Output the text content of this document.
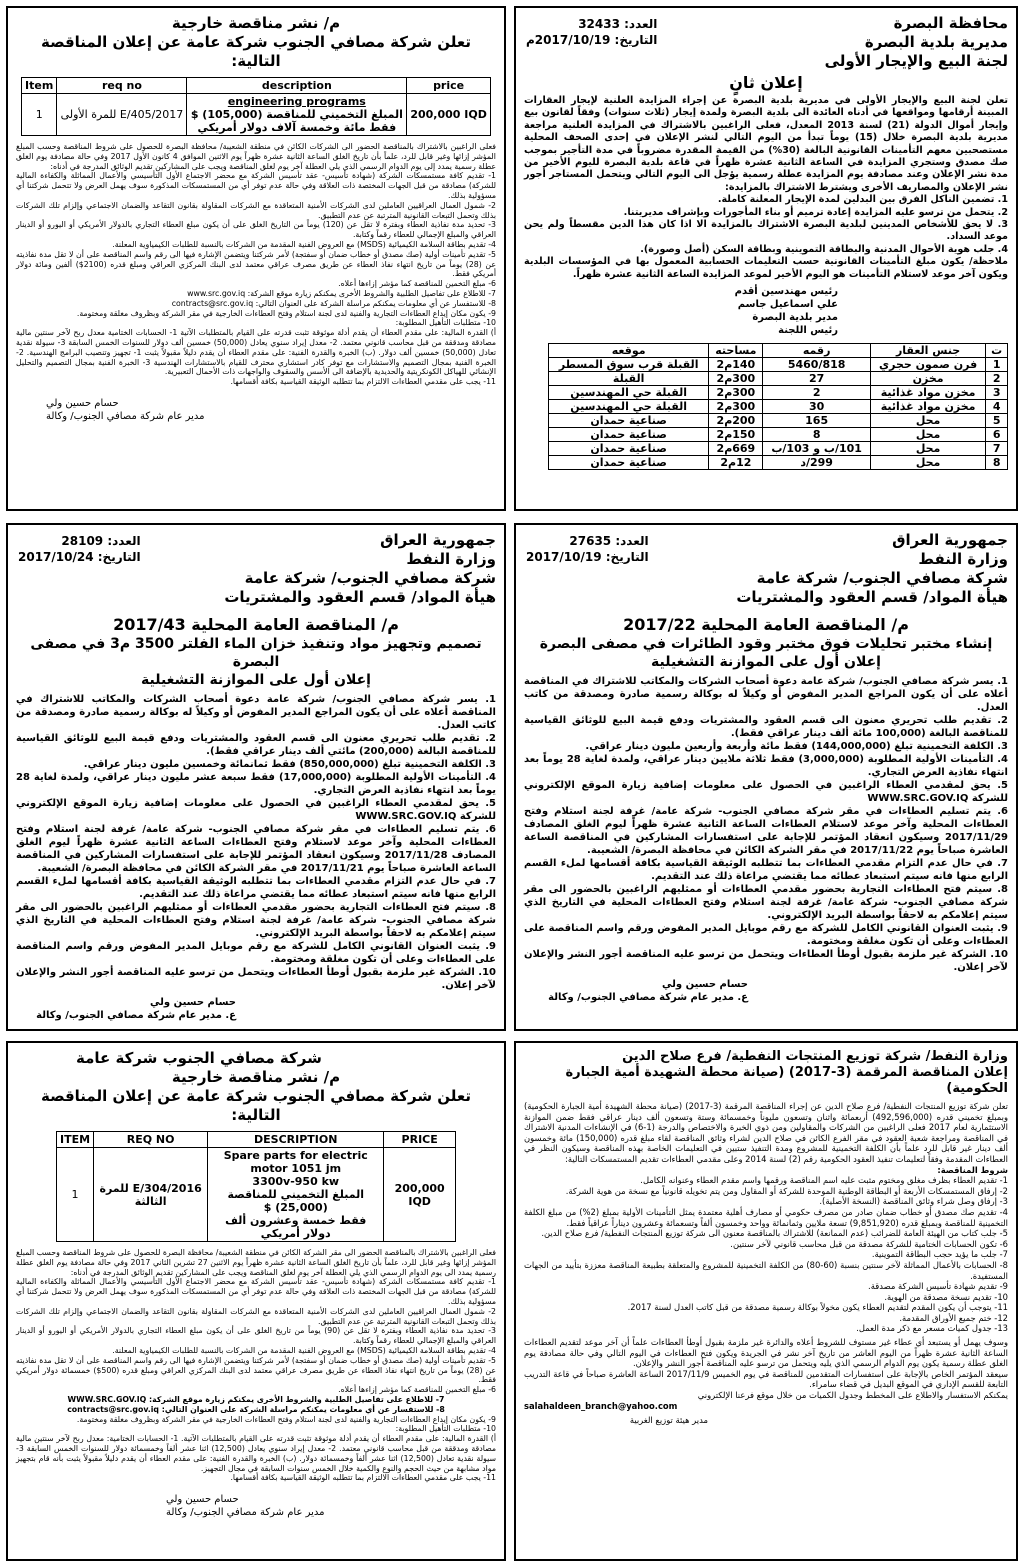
م/ نشر مناقصة خارجية
تعلن شركة مصافي الجنوب شركة عامة عن إعلان المناقصة التالية:
Item	req no	description	price
1	405/2017/E للمرة الأولى	engineering programs
المبلغ التخميني للمناقصة (105,000) $
فقط مائة وخمسة آلاف دولار أمريكي	200,000 IQD
فعلى الراغبين بالاشتراك بالمناقصة الحضور الى الشركات الكائن في منطقة الشعيبة/ محافظة البصرة للحصول على شروط المناقصة وحسب المبلغ المؤشر إزائها وغير قابل للرد، علماً بأن تاريخ الغلق الساعة الثانية عشرة ظهراً يوم الاثنين الموافق 4 كانون الأول 2017 وفي حالة مصادفة يوم الغلق عطلة رسمية يمدد إلى يوم الدوام الرسمي الذي يلي العطلة آخر يوم لغلق المناقصة ويجب على المشاركين تقديم الوثائق المدرجة في أدناه:
1- تقديم كافة مستمسكات الشركة (شهادة تأسيس- عقد تأسيس الشركة مع محضر الاجتماع الأول التأسيسي والأعمال المماثلة والكفاءة المالية للشركة) مصادقة من قبل الجهات المختصة ذات العلاقة وفي حالة عدم توفر أي من المستمسكات المذكورة سوف يهمل العرض ولا تتحمل شركتنا أي مسؤولية بذلك.
2- شمول العمال العراقيين العاملين لدى الشركات الأمنية المتعاقدة مع الشركات المقاولة بقانون التقاعد والضمان الاجتماعي وإلزام تلك الشركات بذلك وتحمل التبعات القانونية المترتبة عن عدم التطبيق.
3- تحديد مدة نفاذية العطاء وبفترة لا تقل عن (120) يوماً من التاريخ الغلق على أن يكون مبلغ العطاء التجاري بالدولار الأمريكي أو اليورو أو الدينار العراقي والمبلغ الإجمالي للعطاء رقماً وكتابة.
4- تقديم بطاقة السلامة الكيميائية (MSDS) مع العروض الفنية المقدمة من الشركات بالنسبة للطلبات الكيمياوية المعلنة.
5- تقديم تأمينات أولية (صك مصدق أو خطاب ضمان أو سفتجة) لأمر شركتنا ويتضمن الإشارة فيها الى رقم واسم المناقصة على أن لا تقل مدة نفاذيته عن (28) يوماً من تاريخ انتهاء نفاذ العطاء عن طريق مصرف عراقي معتمد لدى البنك المركزي العراقي ومبلغ قدره (2100$) ألفين ومائة دولار أمريكي فقط.
6- مبلغ التخمين للمناقصة كما مؤشر إزاءها أعلاه.
7- للاطلاع على تفاصيل الطلبية والشروط الأخرى يمكنكم زيارة موقع الشركة: www.src.gov.iq
8- للاستفسار عن أي معلومات يمكنكم مراسلة الشركة على العنوان التالي: contracts@src.gov.iq
9- يكون مكان إيداع العطاءات التجارية والفنية لدى لجنة استلام وفتح العطاءات الخارجية في مقر الشركة وبظروف مغلقة ومختومة.
10- متطلبات التأهيل المطلوبة:
أ) القدرة المالية: على مقدم العطاء أن يقدم أدلة موثوقة تثبت قدرته على القيام بالمتطلبات الآتية 1- الحسابات الختامية معدل ربح لآخر سنتين مالية مصادقة ومدققة من قبل محاسب قانوني معتمد. 2- معدل إيراد سنوي يعادل (50,000) خمسين ألف دولار للسنوات الخمس السابقة 3- سيولة نقدية تعادل (50,000) خمسين ألف دولار. (ب) الخبرة والقدرة الفنية: على مقدم العطاء أن يقدم دليلاً مقبولاً يثبت 1- تجهيز وتنصيب البرامج الهندسية. 2- الخبرة الفنية بمجال التصميم والاستشارات مع توفر كادر استشاري محترف للقيام بالاستشارات الهندسية 3- الخبرة الفنية بمجال التصميم والتحليل الإنشائي للهياكل الكونكريتية والحديدية بالإضافة الى الأسس والسقوف والواجهات ذات الأحمال التعبيرية.
11- يجب على مقدمي العطاءات الالتزام بما تتطلبه الوثيقة القياسية بكافة أقسامها.
حسام حسين ولي
مدير عام شركة مصافي الجنوب/ وكالة
العدد: 32433
التاريخ: 2017/10/19م
محافظة البصرة
مديرية بلدية البصرة
لجنة البيع والإيجار الأولى
إعلان ثانٍ
تعلن لجنة البيع والإيجار الأولى في مديرية بلدية البصرة عن إجراء المزايدة العلنية لإيجار العقارات المبينة أرقامها ومواقعها في أدناه العائدة الى بلدية البصرة ولمدة إيجار (ثلاث سنوات) وفقاً لقانون بيع وإيجار أموال الدولة (21) لسنة 2013 المعدل، فعلى الراغبين بالاشتراك في المزايدة العلنية مراجعة مديرية بلدية البصرة خلال (15) يوماً تبدأ من اليوم التالي لنشر الإعلان في إحدى الصحف المحلية مستصحبين معهم التأمينات القانونية البالغة (30%) من القيمة المقدرة مضروباً في مدة التأجير بموجب صك مصدق وستجري المزايدة في الساعة الثانية عشرة ظهراً في قاعة بلدية البصرة لليوم الأخير من مدة نشر الإعلان وعند مصادفة يوم المزايدة عطلة رسمية يؤجل الى اليوم التالي ويتحمل المستاجر أجور نشر الإعلان والمصاريف الأخرى ويشترط الاشتراك بالمزايدة:
1. تضمين الناكل الفرق بين البدلين لمدة الإيجار المعلنة كاملة.
2. يتحمل من ترسو عليه المزايدة إعادة ترميم أو بناء المأجورات وبإشراف مديريتنا.
3. لا يحق للأشخاص المدينين لبلدية البصرة الاشتراك بالمزايدة الا اذا كان هذا الدين مقسطاً ولم يحن موعد السداد.
4. جلب هوية الأحوال المدنية والبطاقة التموينية وبطاقة السكن (أصل وصورة).
ملاحظة/ يكون مبلغ التأمينات القانونية حسب التعليمات الحسابية المعمول بها في المؤسسات البلدية ويكون آخر موعد لاستلام التأمينات هو اليوم الأخير لموعد المزايدة الساعة الثانية عشرة ظهراً.
رئيس مهندسين أقدم
علي اسماعيل جاسم
مدير بلدية البصرة
رئيس اللجنة
ت	جنس العقار	رقمه	مساحته	موقعه
1	فرن صمون حجري	5460/818	140م2	القبلة قرب سوق المسطر
2	مخزن	27	300م2	القبلة
3	مخزن مواد غذائية	2	300م2	القبلة حي المهندسين
4	مخزن مواد غذائية	30	300م2	القبلة حي المهندسين
5	محل	165	200م2	صناعية حمدان
6	محل	8	150م2	صناعية حمدان
7	محل	101/ب و 103/ب	669م2	صناعية حمدان
8	محل	299/د	12م2	صناعية حمدان
العدد: 28109
التاريخ: 2017/10/24
جمهورية العراق
وزارة النفط
شركة مصافي الجنوب/ شركة عامة
هيأة المواد/ قسم العقود والمشتريات
م/ المناقصة العامة المحلية 2017/43
تصميم وتجهيز مواد وتنفيذ خزان الماء الفلتر 3500 م3 في مصفى البصرة
إعلان أول على الموازنة التشغيلية
1. يسر شركة مصافي الجنوب/ شركة عامة دعوة أصحاب الشركات والمكاتب للاشتراك في المناقصة أعلاه على أن يكون المراجع المدير المفوض أو وكيلاً له بوكالة رسمية صادرة ومصدقة من كاتب العدل.
2. تقديم طلب تحريري معنون الى قسم العقود والمشتريات ودفع قيمة البيع للوثائق القياسية للمناقصة البالغة (200,000) مائتي ألف دينار عراقي فقط).
3. الكلفة التخمينية تبلغ (850,000,000) فقط ثمانمائة وخمسين مليون دينار عراقي.
4. التأمينات الأولية المطلوبة (17,000,000) فقط سبعة عشر مليون دينار عراقي، ولمدة لغاية 28 يوماً بعد انتهاء نفاذية العرض التجاري.
5. يحق لمقدمي العطاء الراغبين في الحصول على معلومات إضافية زيارة الموقع الإلكتروني للشركة WWW.SRC.GOV.IQ
6. يتم تسليم العطاءات في مقر شركة مصافي الجنوب- شركة عامة/ غرفة لجنة استلام وفتح العطاءات المحلية وآخر موعد لاستلام وفتح العطاءات الساعة الثانية عشرة ظهراً ليوم الغلق المصادف 2017/11/28 وسيكون انعقاد المؤتمر للإجابة على استفسارات المشاركين في المناقصة الساعة العاشرة صباحاً يوم 2017/11/21 في مقر الشركة الكائن في محافظة البصرة/ الشعيبة.
7. في حال عدم التزام مقدمي العطاءات بما تتطلبه الوثيقة القياسية بكافة أقسامها لملء القسم الرابع منها فانه سيتم استبعاد عطائه مما يقتضي مراعاة ذلك عند التقديم.
8. سيتم فتح العطاءات التجارية بحضور مقدمي العطاءات أو ممثليهم الراغبين بالحضور الى مقر شركة مصافي الجنوب- شركة عامة/ غرفة لجنة استلام وفتح العطاءات المحلية في التاريخ الذي سيتم إعلامكم به لاحقاً بواسطة البريد الإلكتروني.
9. يثبت العنوان القانوني الكامل للشركة مع رقم موبايل المدير المفوض ورقم واسم المناقصة على العطاءات وعلى أن تكون مغلقة ومختومة.
10. الشركة غير ملزمة بقبول أوطأ العطاءات ويتحمل من ترسو عليه المناقصة أجور النشر والإعلان لآخر إعلان.
حسام حسين ولي
ع. مدير عام شركة مصافي الجنوب/ وكالة
العدد: 27635
التاريخ: 2017/10/19
جمهورية العراق
وزارة النفط
شركة مصافي الجنوب/ شركة عامة
هيأة المواد/ قسم العقود والمشتريات
م/ المناقصة العامة المحلية 2017/22
إنشاء مختبر تحليلات فوق مختبر وقود الطائرات في مصفى البصرة
إعلان أول على الموازنة التشغيلية
1. يسر شركة مصافي الجنوب/ شركة عامة دعوة أصحاب الشركات والمكاتب للاشتراك في المناقصة أعلاه على أن يكون المراجع المدير المفوض أو وكيلاً له بوكالة رسمية صادرة ومصدقة من كاتب العدل.
2. تقديم طلب تحريري معنون الى قسم العقود والمشتريات ودفع قيمة البيع للوثائق القياسية للمناقصة البالغة (100,000 مائة ألف دينار عراقي فقط).
3. الكلفة التخمينية تبلغ (144,000,000) فقط مائة وأربعة وأربعين مليون دينار عراقي.
4. التأمينات الأولية المطلوبة (3,000,000) فقط ثلاثة ملايين دينار عراقي، ولمدة لغاية 28 يوماً بعد انتهاء نفاذية العرض التجاري.
5. يحق لمقدمي العطاء الراغبين في الحصول على معلومات إضافية زيارة الموقع الإلكتروني للشركة WWW.SRC.GOV.IQ
6. يتم تسليم العطاءات في مقر شركة مصافي الجنوب- شركة عامة/ غرفة لجنة استلام وفتح العطاءات المحلية وآخر موعد لاستلام العطاءات الساعة الثانية عشرة ظهراً ليوم الغلق المصادف 2017/11/29 وسيكون انعقاد المؤتمر للإجابة على استفسارات المشاركين في المناقصة الساعة العاشرة صباحاً يوم 2017/11/22 في مقر الشركة الكائن في محافظة البصرة/ الشعيبة.
7. في حال عدم التزام مقدمي العطاءات بما تتطلبه الوثيقة القياسية بكافة أقسامها لملء القسم الرابع منها فانه سيتم استبعاد عطائه مما يقتضي مراعاة ذلك عند التقديم.
8. سيتم فتح العطاءات التجارية بحضور مقدمي العطاءات أو ممثليهم الراغبين بالحضور الى مقر شركة مصافي الجنوب- شركة عامة/ غرفة لجنة استلام وفتح العطاءات المحلية في التاريخ الذي سيتم إعلامكم به لاحقاً بواسطة البريد الإلكتروني.
9. يثبت العنوان القانوني الكامل للشركة مع رقم موبايل المدير المفوض ورقم واسم المناقصة على العطاءات وعلى أن تكون مغلقة ومختومة.
10. الشركة غير ملزمة بقبول أوطأ العطاءات ويتحمل من ترسو عليه المناقصة أجور النشر والإعلان لآخر إعلان.
حسام حسين ولي
ع. مدير عام شركة مصافي الجنوب/ وكالة
شركة مصافي الجنوب شركة عامة
م/ نشر مناقصة خارجية
تعلن شركة مصافي الجنوب شركة عامة عن إعلان المناقصة التالية:
ITEM	REQ NO	DESCRIPTION	PRICE
1	304/2016/E للمرة الثالثة	Spare parts for electric motor 1051 jm
3300v-950 kw
المبلغ التخميني للمناقصة (25,000) $
فقط خمسة وعشرون ألف دولار أمريكي	200,000 IQD
فعلى الراغبين بالاشتراك بالمناقصة الحضور الى مقر الشركة الكائن في منطقة الشعيبة/ محافظة البصرة للحصول على شروط المناقصة وحسب المبلغ المؤشر إزائها وغير قابل للرد، علماً بأن تاريخ الغلق الساعة الثانية عشرة ظهراً يوم الاثنين 27 تشرين الثاني 2017 وفي حالة مصادفة يوم الغلق عطلة رسمية يمدد الى يوم الدوام الرسمي الذي يلي العطلة آخر يوم لغلق المناقصة ويجب على المشاركين تقديم الوثائق المدرجة في أدناه:
1- تقديم كافة مستمسكات الشركة (شهادة تأسيس- عقد تأسيس الشركة مع محضر الاجتماع الأول التأسيسي والأعمال المماثلة والكفاءة المالية للشركة) مصادقة من قبل الجهات المختصة ذات العلاقة وفي حالة عدم توفر أي من المستمسكات المذكورة سوف يهمل العرض ولا تتحمل شركتنا أي مسؤولية بذلك.
2- شمول العمال العراقيين العاملين لدى الشركات الأمنية المتعاقدة مع الشركات المقاولة بقانون التقاعد والضمان الاجتماعي وإلزام تلك الشركات بذلك وتحمل التبعات القانونية المترتبة عن عدم التطبيق.
3- تحديد مدة نفاذية العطاء وبفترة لا تقل عن (90) يوماً من تاريخ الغلق على أن يكون مبلغ العطاء التجاري بالدولار الأمريكي أو اليورو أو الدينار العراقي والمبلغ الإجمالي للعطاء رقماً وكتابة.
4- تقديم بطاقة السلامة الكيميائية (MSDS) مع العروض الفنية المقدمة من الشركات بالنسبة للطلبات الكيمياوية المعلنة.
5- تقديم تأمينات أولية (صك مصدق أو خطاب ضمان أو سفتجة) لأمر شركتنا ويتضمن الإشارة فيها الى رقم واسم المناقصة على أن لا تقل مدة نفاذيته عن (28) يوماً من تاريخ انتهاء نفاذ العطاء عن طريق مصرف عراقي معتمد لدى البنك المركزي العراقي ومبلغ قدره (500$) خمسمائة دولار أمريكي فقط.
6- مبلغ التخمين للمناقصة كما مؤشر إزاءها أعلاه.
7- للاطلاع على تفاصيل الطلبية والشروط الأخرى يمكنكم زيارة موقع الشركة: WWW.SRC.GOV.IQ
8- للاستفسار عن أي معلومات يمكنكم مراسلة الشركة على العنوان التالي: contracts@src.gov.iq
9- يكون مكان إيداع العطاءات التجارية والفنية لدى لجنة استلام وفتح العطاءات الخارجية في مقر الشركة وبظروف مغلقة ومختومة.
10- متطلبات التأهيل المطلوبة:
أ) القدرة المالية: على مقدم العطاء أن يقدم أدلة موثوقة تثبت قدرته على القيام بالمتطلبات الآتية. 1- الحسابات الختامية: معدل ربح لآخر سنتين مالية مصادقة ومدققة من قبل محاسب قانوني معتمد. 2- معدل إيراد سنوي يعادل (12,500) اثنا عشر ألفاً وخمسمائة دولار للسنوات الخمس السابقة 3- سيولة نقدية تعادل (12,500) اثنا عشر ألفاً وخمسمائة دولار. (ب) الخبرة والقدرة الفنية: على مقدم العطاء أن يقدم دليلاً مقبولاً يثبت بأنه قام بتجهيز مواد مشابهة من حيث الحجم والنوع والكمية خلال الخمس سنوات السابقة في مجال التجهيز.
11- يجب على مقدمي العطاءات الالتزام بما تتطلبه الوثيقة القياسية بكافة أقسامها.
حسام حسين ولي
مدير عام شركة مصافي الجنوب/ وكالة
وزارة النفط/ شركة توزيع المنتجات النفطية/ فرع صلاح الدين
إعلان المناقصة المرقمة (3-2017) (صيانة محطة الشهيدة أمية الجبارة الحكومية)
تعلن شركة توزيع المنتجات النفطية/ فرع صلاح الدين عن إجراء المناقصة المرقمة (3-2017) (صيانة محطة الشهيدة أمية الجبارة الحكومية) وبمبلغ تخميني قدره (492,596,000) أربعمائة واثنان وتسعون مليوناً وخمسمائة وستة وتسعون ألف دينار عراقي فقط ضمن الموازنة الاستثمارية لعام 2017 فعلى الراغبين من الشركات والمقاولين ومن ذوي الخبرة والاختصاص والدرجة (1-6) في الإنشاءات المدنية الاشتراك في المناقصة ومراجعة شعبة العقود في مقر الفرع الكائن في صلاح الدين لشراء وثائق المناقصة لقاء مبلغ قدره (150,000) مائة وخمسون ألف دينار غير قابل للرد علماً بأن الكلفة التخمينية للمشروع ومدة التنفيذ ستبين في التعليمات الخاصة بهذه المناقصة وسيكون النظر في العطاءات المقدمة وفقاً لتعليمات تنفيذ العقود الحكومية رقم (2) لسنة 2014 وعلى مقدمي العطاءات تقديم المستمسكات التالية:
شروط المناقصة:
1- تقديم العطاء بظرف مغلق ومختوم مثبت عليه اسم المناقصة ورقمها واسم مقدم العطاء وعنوانه الكامل.
2- إرفاق المستمسكات الأربعة أو البطاقة الوطنية الموحدة للشركة أو المقاول ومن يتم تخويله قانونياً مع نسخة من هوية الشركة.
3- إرفاق وصل شراء وثائق المناقصة (النسخة الأصلية).
4- تقديم صك مصدق أو خطاب ضمان صادر من مصرف حكومي أو مصارف أهلية معتمدة يمثل التأمينات الأولية بمبلغ (2%) من مبلغ الكلفة التخمينية للمناقصة وبمبلغ قدره (9,851,920) تسعة ملايين وثمانمائة وواحد وخمسون ألفاً وتسعمائة وعشرون ديناراً عراقياً فقط.
5- جلب كتاب من الهيئة العامة للضرائب (عدم الممانعة) للاشتراك بالمناقصة معنون الى شركة توزيع المنتجات النفطية/ فرع صلاح الدين.
6- تكون الحسابات الختامية للشركة مصدقة من قبل محاسب قانوني لآخر سنتين.
7- جلب ما يؤيد حجب البطاقة التموينية.
8- الحسابات بالأعمال المماثلة لآخر سنتين بنسبة (60-80) من الكلفة التخمينية للمشروع والمتعلقة بطبيعة المناقصة معززة بتأييد من الجهات المستفيدة.
9- تقديم شهادة تأسيس الشركة مصدقة.
10- تقديم نسخة مصدقة من الهوية.
11- يتوجب أن يكون المقدم لتقديم العطاء يكون مخولاً بوكالة رسمية مصدقة من قبل كاتب العدل لسنة 2017.
12- ختم جميع الأوراق المقدمة.
13- جدول كميات مسعر مع ذكر مدة العمل.
وسوف يهمل أو يستبعد أي عطاء غير مستوف للشروط أعلاه والدائرة غير ملزمة بقبول أوطأ العطاءات علماً أن آخر موعد لتقديم العطاءات الساعة الثانية عشرة ظهراً من اليوم العاشر من تاريخ آخر نشر في الجريدة ويكون فتح العطاءات في اليوم التالي وفي حالة مصادفة يوم الغلق عطلة رسمية يكون يوم الدوام الرسمي الذي يليه ويتحمل من ترسو عليه المناقصة أجور النشر والإعلان.
سيعقد المؤتمر الخاص بالإجابة على استفسارات المتقدمين للمناقصة في يوم الخميس 2017/11/9 الساعة العاشرة صباحاً في قاعة التدريب التابعة للقسم الإداري في الموقع البديل في قضاء سامراء.
يمكنكم الاستفسار والاطلاع على المخطط وجدول الكميات من خلال موقع فرعنا الإلكتروني
salahaldeen_branch@yahoo.com
مدير هيئة توزيع الغربية
